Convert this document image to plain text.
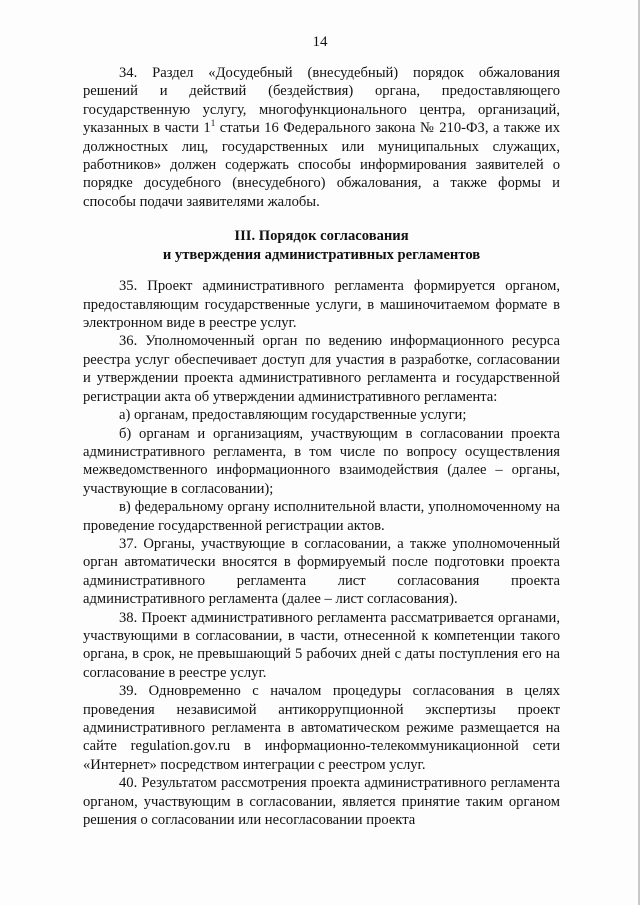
14

34. Раздел «Досудебный (внесудебный) порядок обжалования решений и действий (бездействия) органа, предоставляющего государственную услугу, многофункционального центра, организаций, указанных в части $1^1$ статьи 16 Федерального закона № 210-ФЗ, а также их должностных лиц, государственных или муниципальных служащих, работников» должен содержать способы информирования заявителей о порядке досудебного (внесудебного) обжалования, а также формы и способы подачи заявителями жалобы.

III. Порядок согласования
и утверждения административных регламентов

35. Проект административного регламента формируется органом, предоставляющим государственные услуги, в машиночитаемом формате в электронном виде в реестре услуг.

36. Уполномоченный орган по ведению информационного ресурса реестра услуг обеспечивает доступ для участия в разработке, согласовании и утверждении проекта административного регламента и государственной регистрации акта об утверждении административного регламента:

а) органам, предоставляющим государственные услуги;

б) органам и организациям, участвующим в согласовании проекта административного регламента, в том числе по вопросу осуществления межведомственного информационного взаимодействия (далее – органы, участвующие в согласовании);

в) федеральному органу исполнительной власти, уполномоченному на проведение государственной регистрации актов.

37. Органы, участвующие в согласовании, а также уполномоченный орган автоматически вносятся в формируемый после подготовки проекта административного регламента лист согласования проекта административного регламента (далее – лист согласования).

38. Проект административного регламента рассматривается органами, участвующими в согласовании, в части, отнесенной к компетенции такого органа, в срок, не превышающий 5 рабочих дней с даты поступления его на согласование в реестре услуг.

39. Одновременно с началом процедуры согласования в целях проведения независимой антикоррупционной экспертизы проект административного регламента в автоматическом режиме размещается на сайте regulation.gov.ru в информационно-телекоммуникационной сети «Интернет» посредством интеграции с реестром услуг.

40. Результатом рассмотрения проекта административного регламента органом, участвующим в согласовании, является принятие таким органом решения о согласовании или несогласовании проекта
